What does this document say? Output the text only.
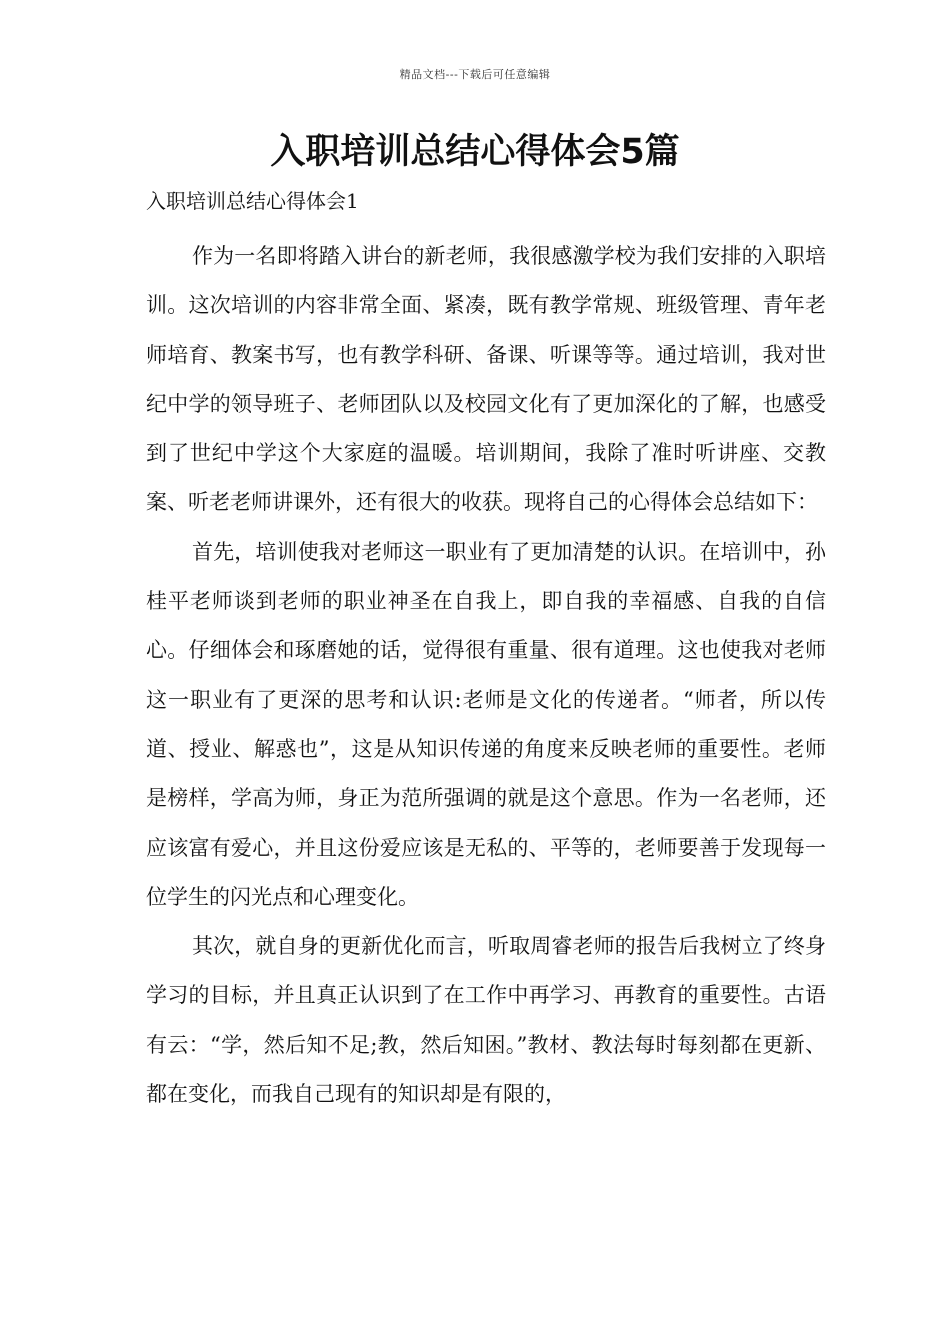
精品文档---下载后可任意编辑
入职培训总结心得体会5篇
入职培训总结心得体会1

作为一名即将踏入讲台的新老师，我很感激学校为我们安排的入职培训。这次培训的内容非常全面、紧凑，既有教学常规、班级管理、青年老师培育、教案书写，也有教学科研、备课、听课等等。通过培训，我对世纪中学的领导班子、老师团队以及校园文化有了更加深化的了解，也感受到了世纪中学这个大家庭的温暖。培训期间，我除了准时听讲座、交教案、听老老师讲课外，还有很大的收获。现将自己的心得体会总结如下：

首先，培训使我对老师这一职业有了更加清楚的认识。在培训中，孙桂平老师谈到老师的职业神圣在自我上，即自我的幸福感、自我的自信心。仔细体会和琢磨她的话，觉得很有重量、很有道理。这也使我对老师这一职业有了更深的思考和认识:老师是文化的传递者。“师者，所以传道、授业、解惑也”，这是从知识传递的角度来反映老师的重要性。老师是榜样，学高为师，身正为范所强调的就是这个意思。作为一名老师，还应该富有爱心，并且这份爱应该是无私的、平等的，老师要善于发现每一位学生的闪光点和心理变化。

其次，就自身的更新优化而言，听取周睿老师的报告后我树立了终身学习的目标，并且真正认识到了在工作中再学习、再教育的重要性。古语有云：“学，然后知不足;教，然后知困。”教材、教法每时每刻都在更新、都在变化，而我自己现有的知识却是有限的，
